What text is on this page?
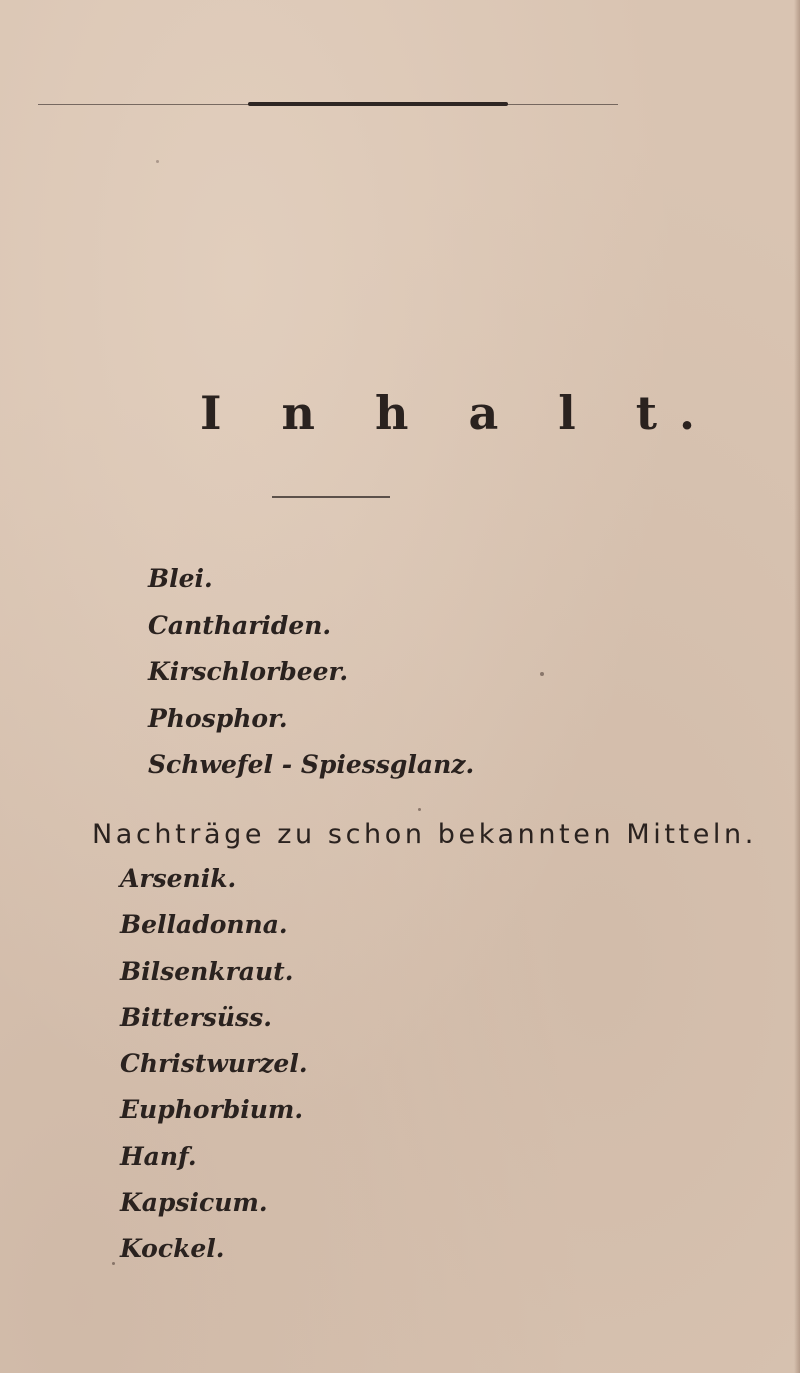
I n h a l t.
Blei.
Canthariden.
Kirschlorbeer.
Phosphor.
Schwefel - Spiessglanz.
Nachträge zu schon bekannten Mitteln.
Arsenik.
Belladonna.
Bilsenkraut.
Bittersüss.
Christwurzel.
Euphorbium.
Hanf.
Kapsicum.
Kockel.
